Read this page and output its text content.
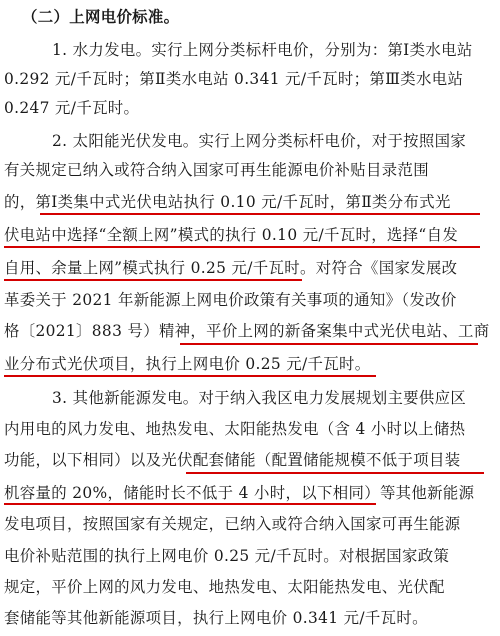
（二）上网电价标准。
1. 水力发电。实行上网分类标杆电价，分别为：第Ⅰ类水电站
0.292 元/千瓦时；第Ⅱ类水电站 0.341 元/千瓦时；第Ⅲ类水电站
0.247 元/千瓦时。
2. 太阳能光伏发电。实行上网分类标杆电价，对于按照国家
有关规定已纳入或符合纳入国家可再生能源电价补贴目录范围
的，第Ⅰ类集中式光伏电站执行 0.10 元/千瓦时，第Ⅱ类分布式光
伏电站中选择“全额上网”模式的执行 0.10 元/千瓦时，选择“自发
自用、余量上网”模式执行 0.25 元/千瓦时。对符合《国家发展改
革委关于 2021 年新能源上网电价政策有关事项的通知》（发改价
格〔2021〕883 号）精神，平价上网的新备案集中式光伏电站、工商
业分布式光伏项目，执行上网电价 0.25 元/千瓦时。
3. 其他新能源发电。对于纳入我区电力发展规划主要供应区
内用电的风力发电、地热发电、太阳能热发电（含 4 小时以上储热
功能，以下相同）以及光伏配套储能（配置储能规模不低于项目装
机容量的 20%，储能时长不低于 4 小时，以下相同）等其他新能源
发电项目，按照国家有关规定，已纳入或符合纳入国家可再生能源
电价补贴范围的执行上网电价 0.25 元/千瓦时。对根据国家政策
规定，平价上网的风力发电、地热发电、太阳能热发电、光伏配
套储能等其他新能源项目，执行上网电价 0.341 元/千瓦时。
